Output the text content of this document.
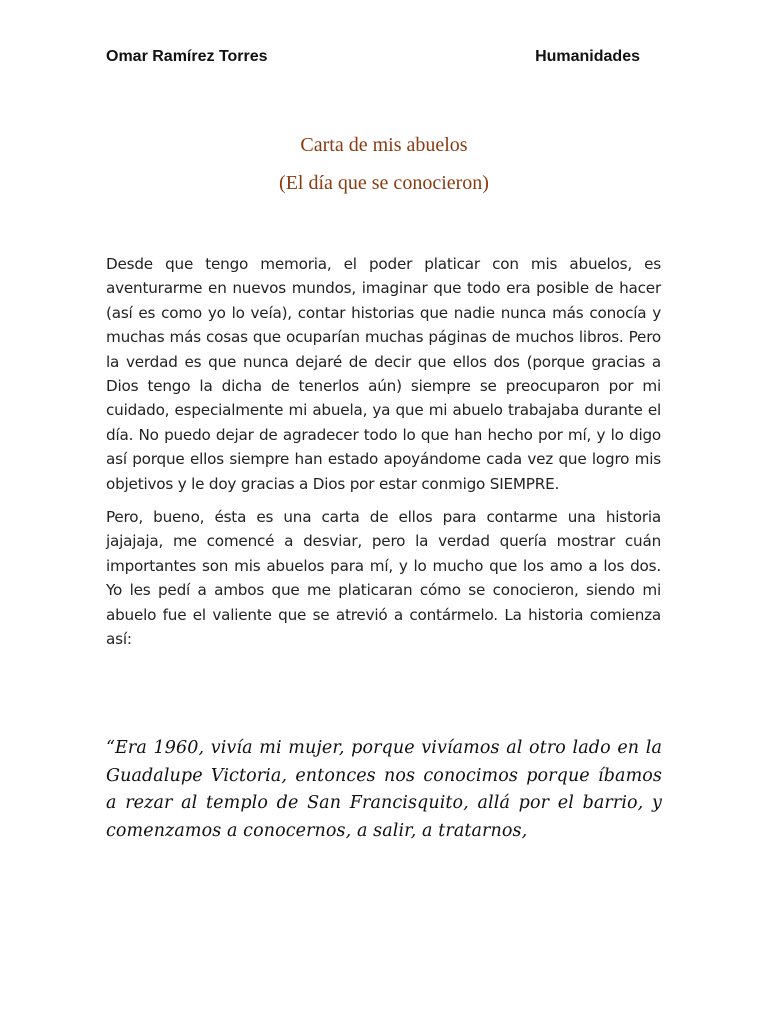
Omar Ramírez Torres	Humanidades
Carta de mis abuelos
(El día que se conocieron)

Desde que tengo memoria, el poder platicar con mis abuelos, es aventurarme en nuevos mundos, imaginar que todo era posible de hacer (así es como yo lo veía), contar historias que nadie nunca más conocía y muchas más cosas que ocuparían muchas páginas de muchos libros. Pero la verdad es que nunca dejaré de decir que ellos dos (porque gracias a Dios tengo la dicha de tenerlos aún) siempre se preocuparon por mi cuidado, especialmente mi abuela, ya que mi abuelo trabajaba durante el día. No puedo dejar de agradecer todo lo que han hecho por mí, y lo digo así porque ellos siempre han estado apoyándome cada vez que logro mis objetivos y le doy gracias a Dios por estar conmigo SIEMPRE.

Pero, bueno, ésta es una carta de ellos para contarme una historia jajajaja, me comencé a desviar, pero la verdad quería mostrar cuán importantes son mis abuelos para mí, y lo mucho que los amo a los dos. Yo les pedí a ambos que me platicaran cómo se conocieron, siendo mi abuelo fue el valiente que se atrevió a contármelo. La historia comienza así:

“Era 1960, vivía mi mujer, porque vivíamos al otro lado en la Guadalupe Victoria, entonces nos conocimos porque íbamos a rezar al templo de San Francisquito, allá por el barrio, y comenzamos a conocernos, a salir, a tratarnos,
